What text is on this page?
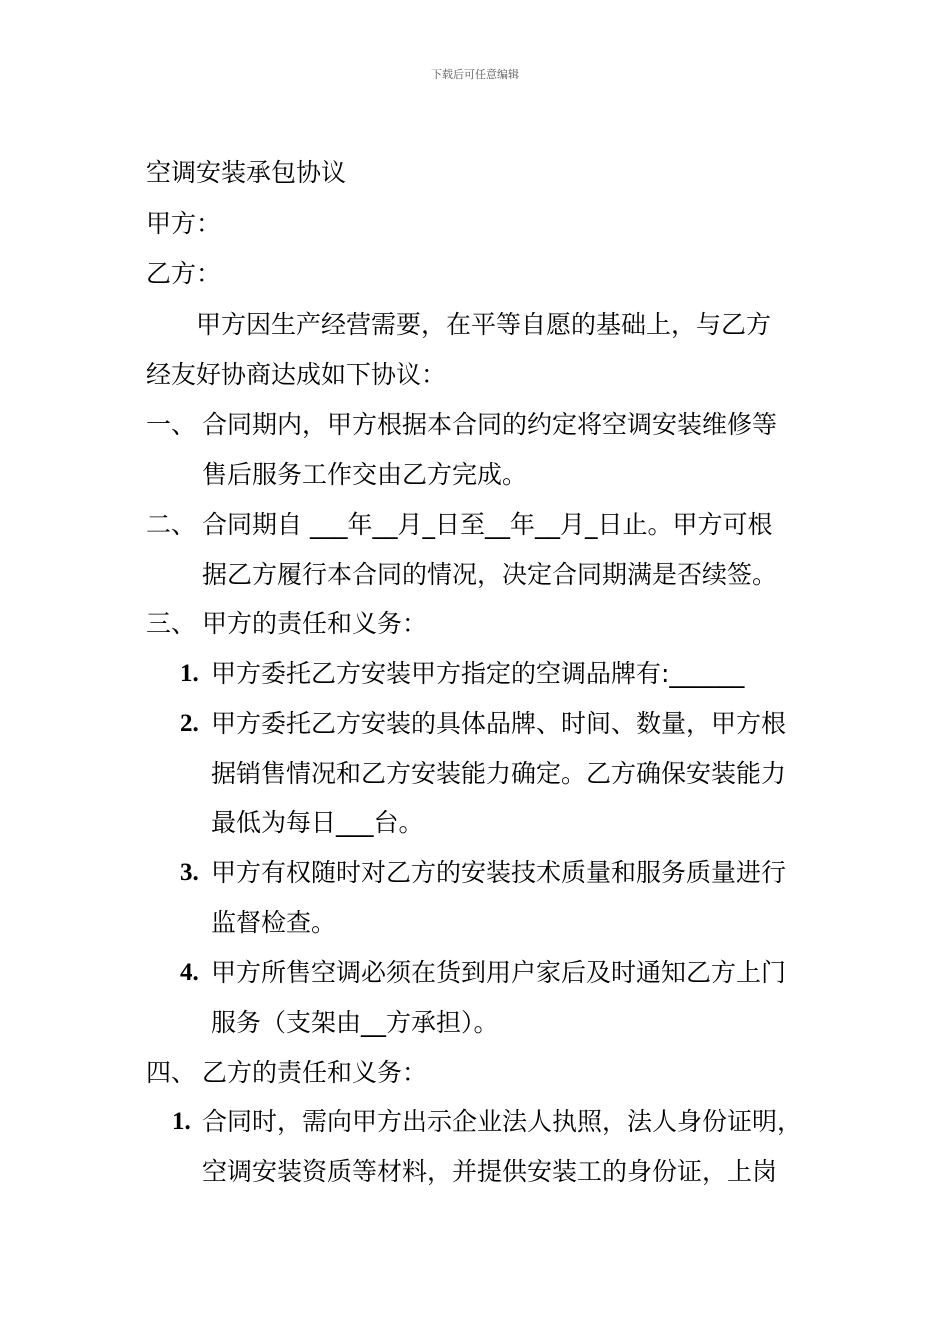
下载后可任意编辑
空调安装承包协议
甲方：
乙方：
甲方因生产经营需要，在平等自愿的基础上，与乙方
经友好协商达成如下协议：
一、 合同期内，甲方根据本合同的约定将空调安装维修等
售后服务工作交由乙方完成。
二、 合同期自 ___年__月_日至__年__月_日止。甲方可根
据乙方履行本合同的情况，决定合同期满是否续签。
三、 甲方的责任和义务：
1. 甲方委托乙方安装甲方指定的空调品牌有:______
2. 甲方委托乙方安装的具体品牌、时间、数量，甲方根
据销售情况和乙方安装能力确定。乙方确保安装能力
最低为每日___台。
3. 甲方有权随时对乙方的安装技术质量和服务质量进行
监督检查。
4. 甲方所售空调必须在货到用户家后及时通知乙方上门
服务（支架由__方承担）。
四、 乙方的责任和义务：
1. 合同时，需向甲方出示企业法人执照，法人身份证明，
空调安装资质等材料，并提供安装工的身份证，上岗
